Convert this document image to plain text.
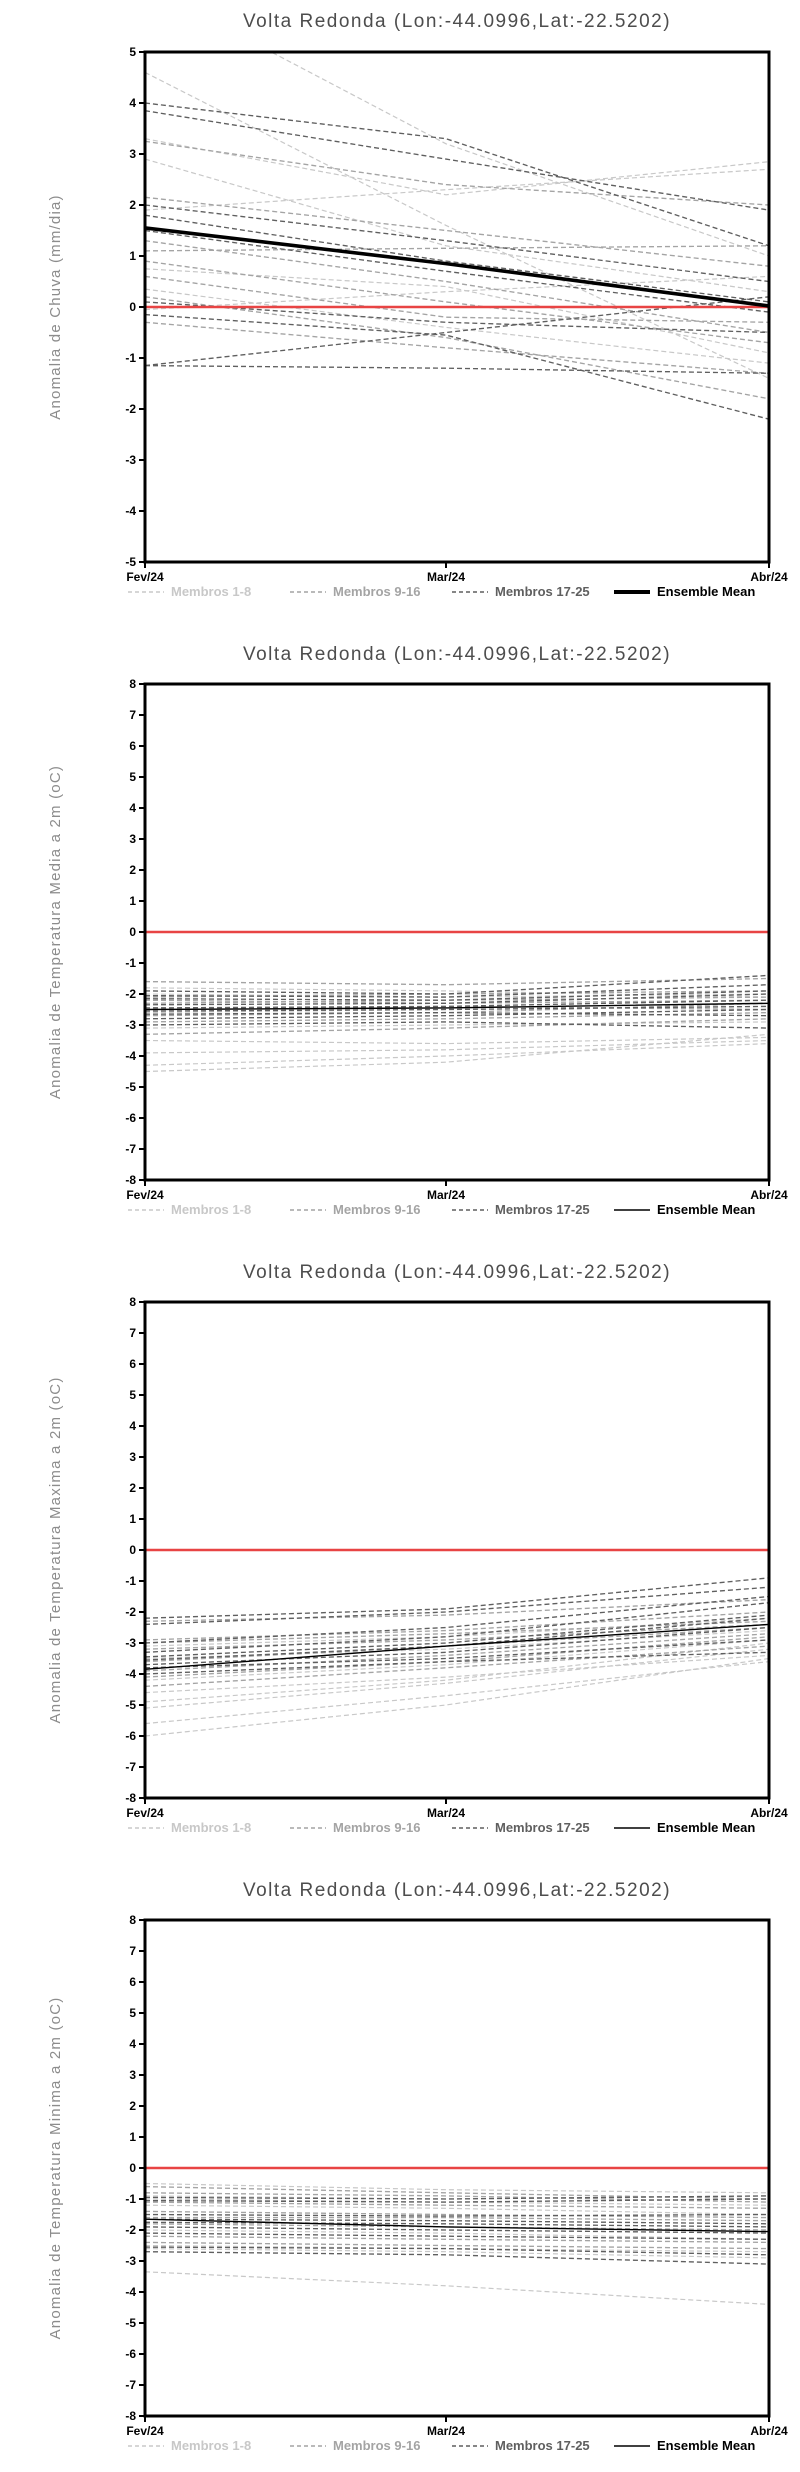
Volta Redonda (Lon:-44.0996,Lat:-22.5202)
-5
-4
-3
-2
-1
0
1
2
3
4
5
Fev/24	Mar/24	Abr/24
Anomalia de Chuva (mm/dia)
Membros 1-8	Membros 9-16	Membros 17-25	Ensemble Mean
Volta Redonda (Lon:-44.0996,Lat:-22.5202)
-8
-7
-6
-5
-4
-3
-2
-1
0
1
2
3
4
5
6
7
8
Fev/24	Mar/24	Abr/24
Anomalia de Temperatura Media a 2m (oC)
Membros 1-8	Membros 9-16	Membros 17-25	Ensemble Mean
Volta Redonda (Lon:-44.0996,Lat:-22.5202)
-8
-7
-6
-5
-4
-3
-2
-1
0
1
2
3
4
5
6
7
8
Fev/24	Mar/24	Abr/24
Anomalia de Temperatura Maxima a 2m (oC)
Membros 1-8	Membros 9-16	Membros 17-25	Ensemble Mean
Volta Redonda (Lon:-44.0996,Lat:-22.5202)
-8
-7
-6
-5
-4
-3
-2
-1
0
1
2
3
4
5
6
7
8
Fev/24	Mar/24	Abr/24
Anomalia de Temperatura Minima a 2m (oC)
Membros 1-8	Membros 9-16	Membros 17-25	Ensemble Mean
